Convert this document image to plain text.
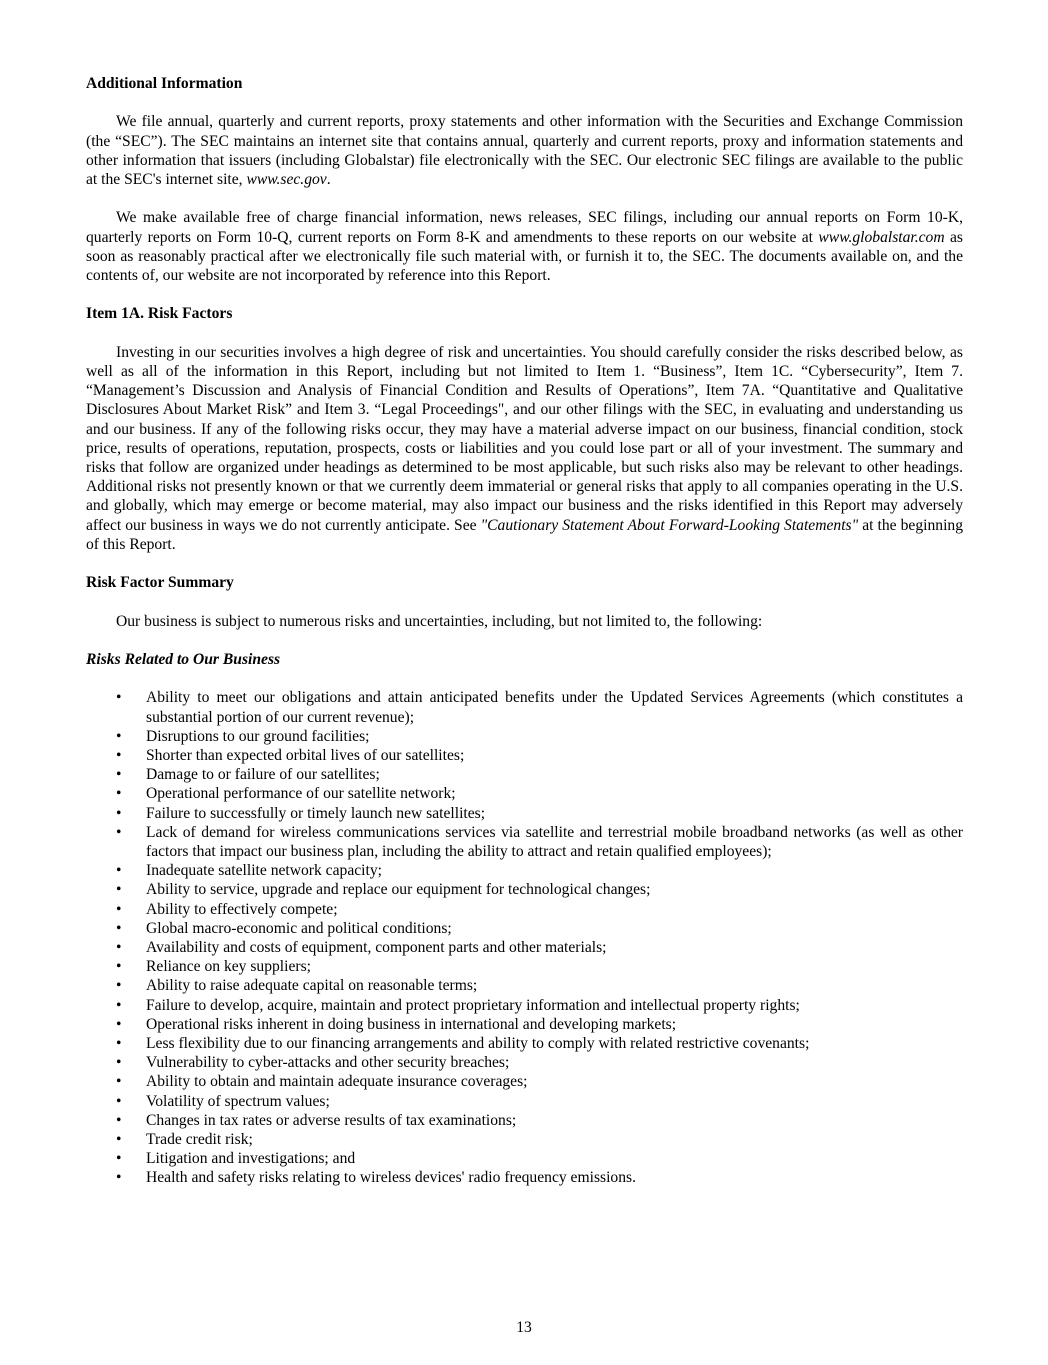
Additional Information

We file annual, quarterly and current reports, proxy statements and other information with the Securities and Exchange Commission (the “SEC”). The SEC maintains an internet site that contains annual, quarterly and current reports, proxy and information statements and other information that issuers (including Globalstar) file electronically with the SEC. Our electronic SEC filings are available to the public at the SEC's internet site, www.sec.gov.

We make available free of charge financial information, news releases, SEC filings, including our annual reports on Form 10-K, quarterly reports on Form 10-Q, current reports on Form 8-K and amendments to these reports on our website at www.globalstar.com as soon as reasonably practical after we electronically file such material with, or furnish it to, the SEC. The documents available on, and the contents of, our website are not incorporated by reference into this Report.

Item 1A. Risk Factors

Investing in our securities involves a high degree of risk and uncertainties. You should carefully consider the risks described below, as well as all of the information in this Report, including but not limited to Item 1. “Business”, Item 1C. “Cybersecurity”, Item 7. “Management’s Discussion and Analysis of Financial Condition and Results of Operations”, Item 7A. “Quantitative and Qualitative Disclosures About Market Risk” and Item 3. “Legal Proceedings", and our other filings with the SEC, in evaluating and understanding us and our business. If any of the following risks occur, they may have a material adverse impact on our business, financial condition, stock price, results of operations, reputation, prospects, costs or liabilities and you could lose part or all of your investment. The summary and risks that follow are organized under headings as determined to be most applicable, but such risks also may be relevant to other headings. Additional risks not presently known or that we currently deem immaterial or general risks that apply to all companies operating in the U.S. and globally, which may emerge or become material, may also impact our business and the risks identified in this Report may adversely affect our business in ways we do not currently anticipate. See "Cautionary Statement About Forward-Looking Statements" at the beginning of this Report.

Risk Factor Summary

Our business is subject to numerous risks and uncertainties, including, but not limited to, the following:

Risks Related to Our Business
• Ability to meet our obligations and attain anticipated benefits under the Updated Services Agreements (which constitutes a substantial portion of our current revenue);
• Disruptions to our ground facilities;
• Shorter than expected orbital lives of our satellites;
• Damage to or failure of our satellites;
• Operational performance of our satellite network;
• Failure to successfully or timely launch new satellites;
• Lack of demand for wireless communications services via satellite and terrestrial mobile broadband networks (as well as other factors that impact our business plan, including the ability to attract and retain qualified employees);
• Inadequate satellite network capacity;
• Ability to service, upgrade and replace our equipment for technological changes;
• Ability to effectively compete;
• Global macro-economic and political conditions;
• Availability and costs of equipment, component parts and other materials;
• Reliance on key suppliers;
• Ability to raise adequate capital on reasonable terms;
• Failure to develop, acquire, maintain and protect proprietary information and intellectual property rights;
• Operational risks inherent in doing business in international and developing markets;
• Less flexibility due to our financing arrangements and ability to comply with related restrictive covenants;
• Vulnerability to cyber-attacks and other security breaches;
• Ability to obtain and maintain adequate insurance coverages;
• Volatility of spectrum values;
• Changes in tax rates or adverse results of tax examinations;
• Trade credit risk;
• Litigation and investigations; and
• Health and safety risks relating to wireless devices' radio frequency emissions.
13
